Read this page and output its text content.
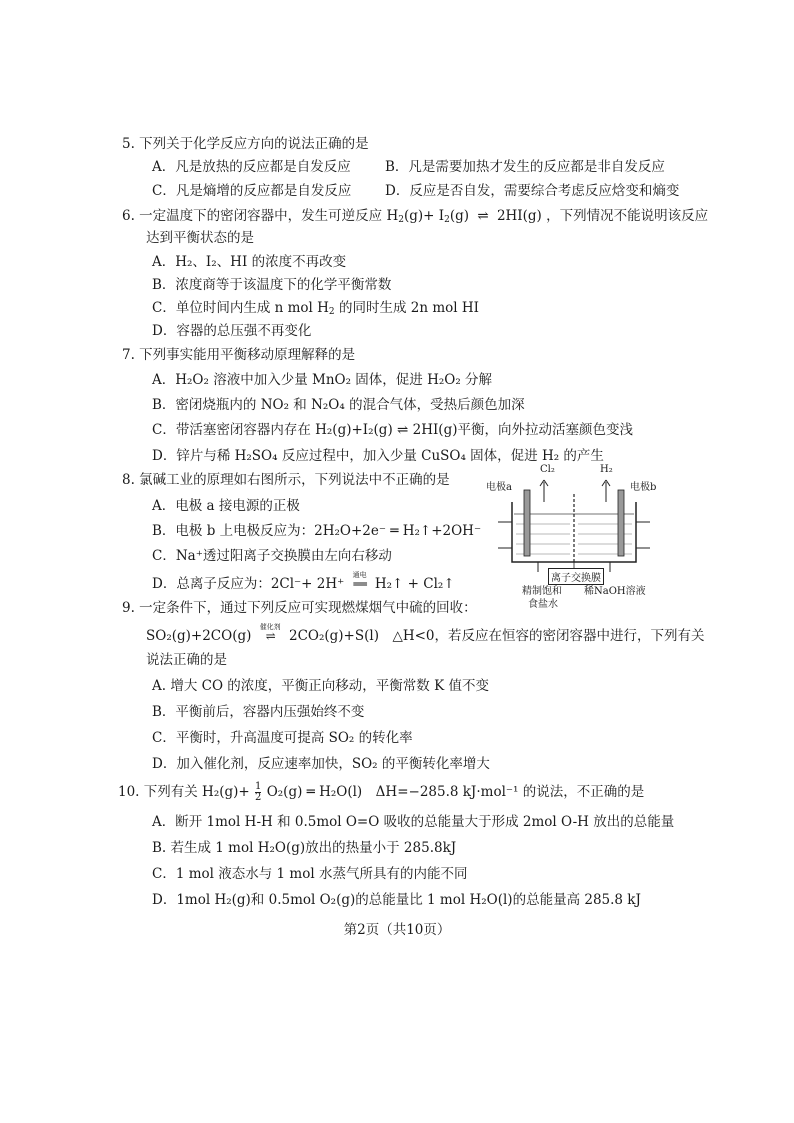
5. 下列关于化学反应方向的说法正确的是
A．凡是放热的反应都是自发反应	B．凡是需要加热才发生的反应都是非自发反应
C．凡是熵增的反应都是自发反应 D．反应是否自发，需要综合考虑反应焓变和熵变
6. 一定温度下的密闭容器中，发生可逆反应 $H_2(g)+ I_2(g)$ ⇌ 2HI(g) ，下列情况不能说明该反应
达到平衡状态的是
A．H₂、I₂、HI 的浓度不再改变
B．浓度商等于该温度下的化学平衡常数
C．单位时间内生成 n mol $H_2$ 的同时生成 2n mol HI
D．容器的总压强不再变化
7. 下列事实能用平衡移动原理解释的是
A．H₂O₂ 溶液中加入少量 MnO₂ 固体，促进 H₂O₂ 分解
B．密闭烧瓶内的 NO₂ 和 N₂O₄ 的混合气体，受热后颜色加深
C．带活塞密闭容器内存在 H₂(g)+I₂(g) ⇌ 2HI(g)平衡，向外拉动活塞颜色变浅
D．锌片与稀 H₂SO₄ 反应过程中，加入少量 CuSO₄ 固体，促进 H₂ 的产生
8. 氯碱工业的原理如右图所示，下列说法中不正确的是
A．电极 a 接电源的正极
B．电极 b 上电极反应为：2H₂O+2e⁻ ═ H₂↑+2OH⁻
C．Na⁺透过阳离子交换膜由左向右移动
D．总离子反应为：2Cl⁻+ 2H⁺
通电
══ H₂↑ + Cl₂↑
Cl₂	H₂
电极a	电极b
离子交换膜
精制饱和
食盐水
稀NaOH溶液
9. 一定条件下，通过下列反应可实现燃煤烟气中硫的回收：
SO₂(g)+2CO(g)
催化剂
⇌	2CO₂(g)+S(l)　△H<0，若反应在恒容的密闭容器中进行，下列有关
说法正确的是
A. 增大 CO 的浓度，平衡正向移动，平衡常数 K 值不变
B．平衡前后，容器内压强始终不变
C．平衡时，升高温度可提高 SO₂ 的转化率
D．加入催化剂，反应速率加快，SO₂ 的平衡转化率增大
10. 下列有关 $H_2(g)+ \frac{1}{2} O_2(g)$ ═ H₂O(l)　ΔH=−285.8 kJ·mol⁻¹ 的说法，不正确的是
A．断开 1mol H-H 和 0.5mol O=O 吸收的总能量大于形成 2mol O-H 放出的总能量
B. 若生成 1 mol H₂O(g)放出的热量小于 285.8kJ
C．1 mol 液态水与 1 mol 水蒸气所具有的内能不同
D．1mol H₂(g)和 0.5mol O₂(g)的总能量比 1 mol H₂O(l)的总能量高 285.8 kJ
第2页（共10页）
